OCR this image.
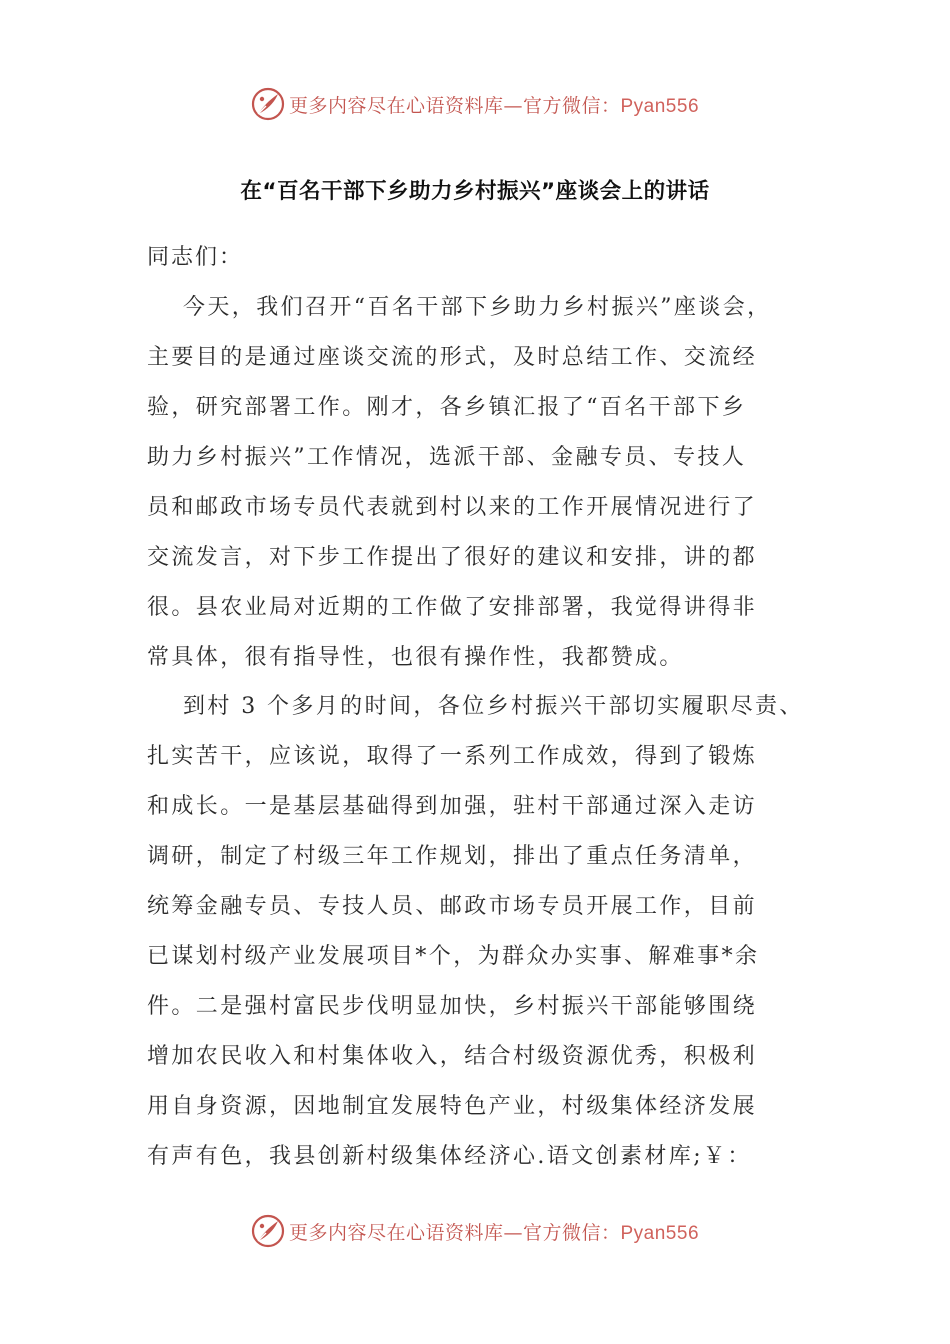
更多内容尽在心语资料库—官方微信：Pyan556
在“百名干部下乡助力乡村振兴”座谈会上的讲话
同志们：
今天，我们召开“百名干部下乡助力乡村振兴”座谈会，
主要目的是通过座谈交流的形式，及时总结工作、交流经
验，研究部署工作。刚才，各乡镇汇报了“百名干部下乡
助力乡村振兴”工作情况，选派干部、金融专员、专技人
员和邮政市场专员代表就到村以来的工作开展情况进行了
交流发言，对下步工作提出了很好的建议和安排，讲的都
很。县农业局对近期的工作做了安排部署，我觉得讲得非
常具体，很有指导性，也很有操作性，我都赞成。
到村 3 个多月的时间，各位乡村振兴干部切实履职尽责、
扎实苦干，应该说，取得了一系列工作成效，得到了锻炼
和成长。一是基层基础得到加强，驻村干部通过深入走访
调研，制定了村级三年工作规划，排出了重点任务清单，
统筹金融专员、专技人员、邮政市场专员开展工作，目前
已谋划村级产业发展项目*个，为群众办实事、解难事*余
件。二是强村富民步伐明显加快，乡村振兴干部能够围绕
增加农民收入和村集体收入，结合村级资源优秀，积极利
用自身资源，因地制宜发展特色产业，村级集体经济发展
有声有色，我县创新村级集体经济心.语文创素材库;￥：
更多内容尽在心语资料库—官方微信：Pyan556
